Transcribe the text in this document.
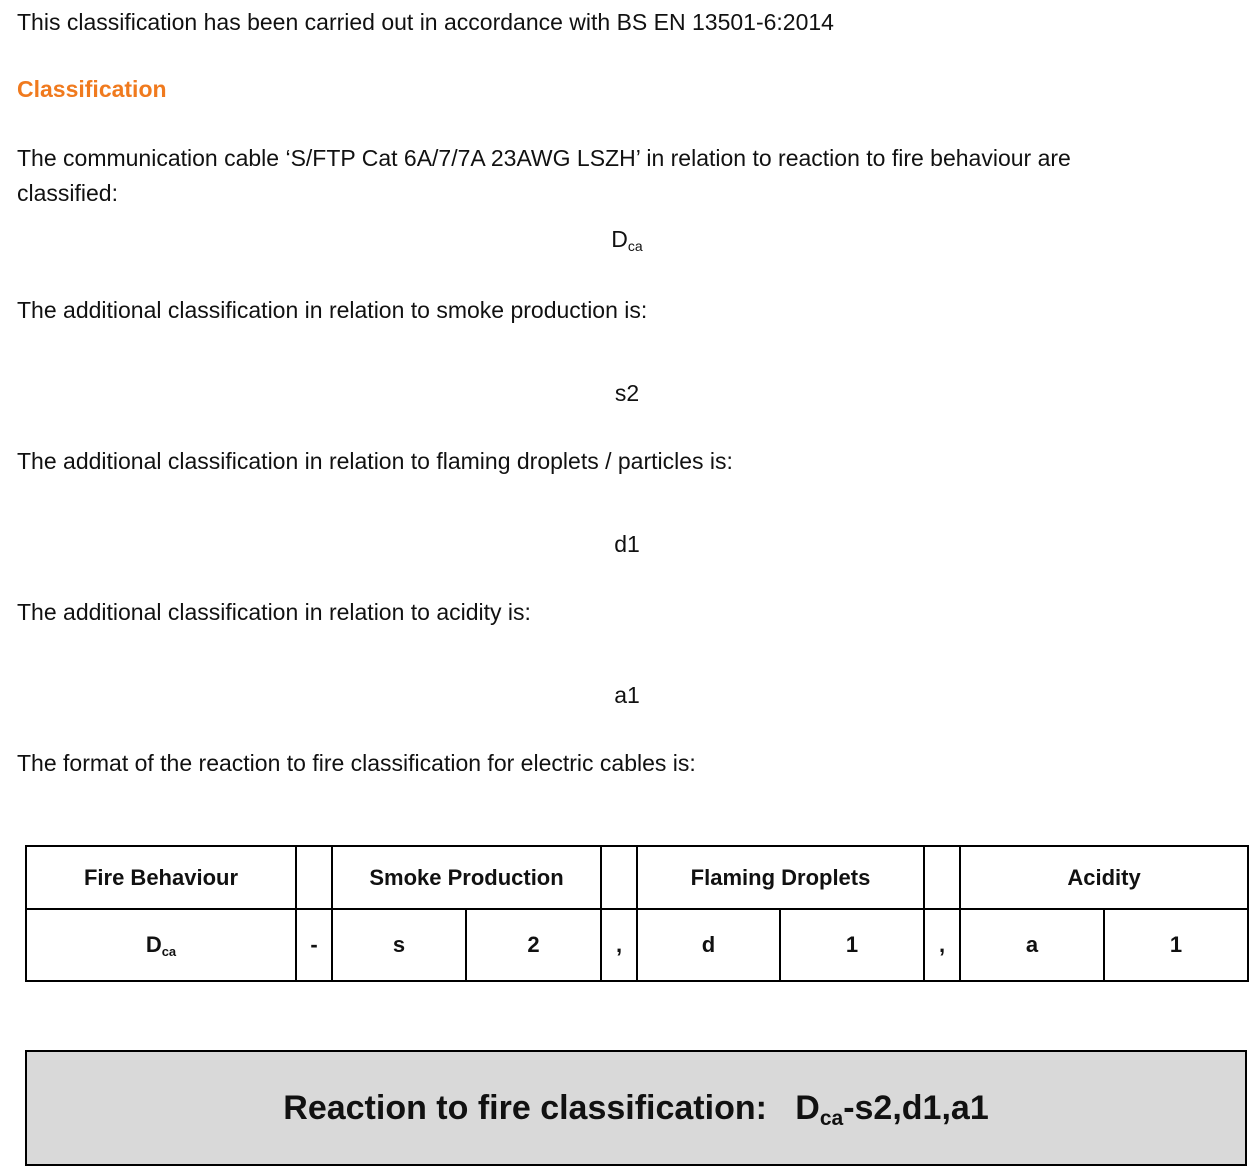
This classification has been carried out in accordance with BS EN 13501-6:2014
Classification
The communication cable ‘S/FTP Cat 6A/7/7A 23AWG LSZH’ in relation to reaction to fire behaviour are
classified:
$D_{ca}$
The additional classification in relation to smoke production is:
s2
The additional classification in relation to flaming droplets / particles is:
d1
The additional classification in relation to acidity is:
a1
The format of the reaction to fire classification for electric cables is:
Fire Behaviour		Smoke Production			Flaming Droplets			Acidity	
Dca	-	s	2	,	d	1	,	a	1
Reaction to fire classification: Dca-s2,d1,a1
